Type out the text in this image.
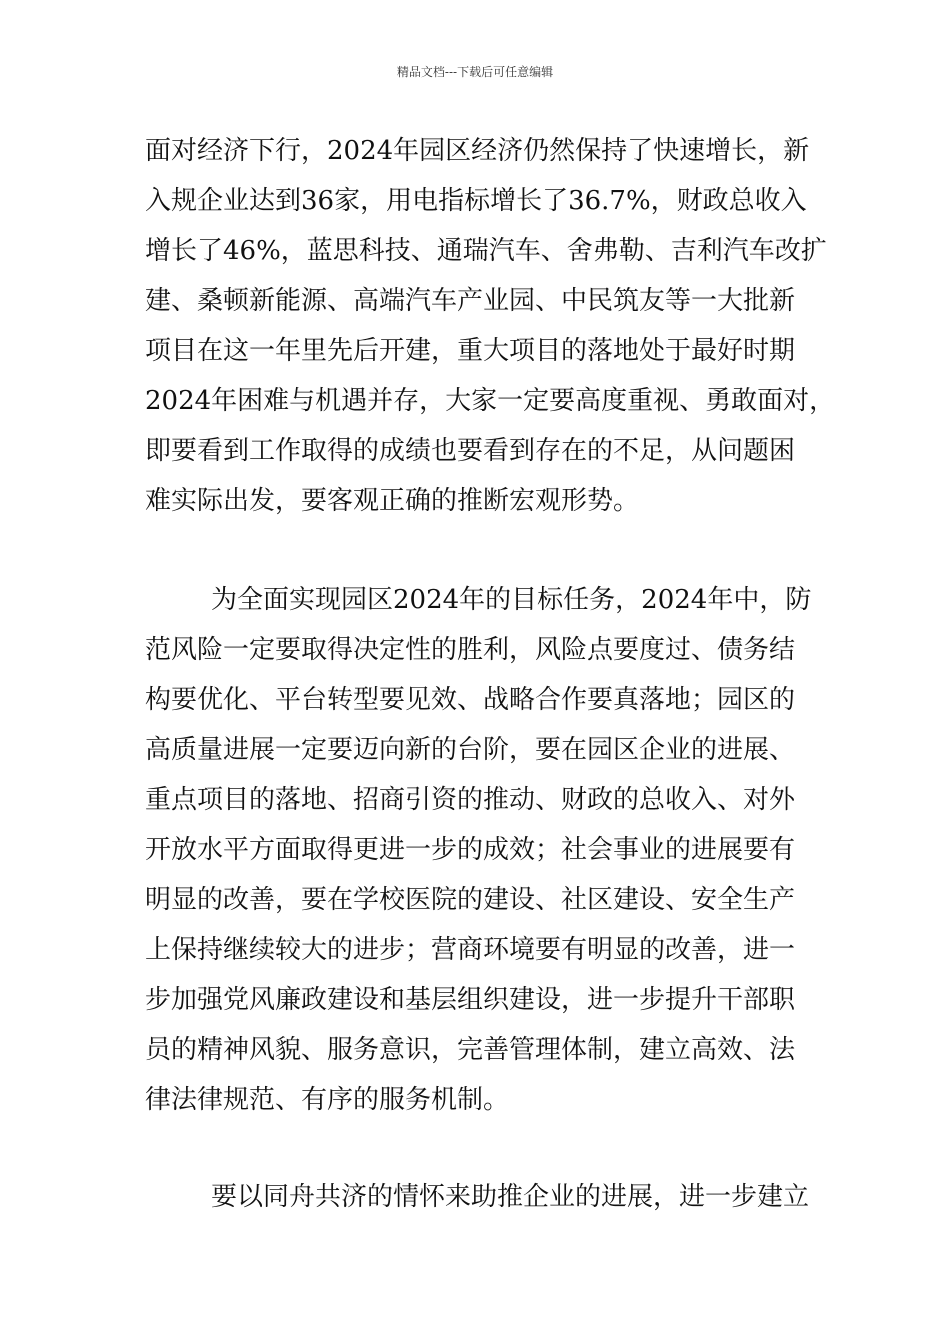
精品文档---下载后可任意编辑
面对经济下行，2024年园区经济仍然保持了快速增长，新
入规企业达到36家，用电指标增长了36.7%，财政总收入
增长了46%，蓝思科技、通瑞汽车、舍弗勒、吉利汽车改扩
建、桑顿新能源、高端汽车产业园、中民筑友等一大批新
项目在这一年里先后开建，重大项目的落地处于最好时期
2024年困难与机遇并存，大家一定要高度重视、勇敢面对，
即要看到工作取得的成绩也要看到存在的不足，从问题困
难实际出发，要客观正确的推断宏观形势。
为全面实现园区2024年的目标任务，2024年中，防
范风险一定要取得决定性的胜利，风险点要度过、债务结
构要优化、平台转型要见效、战略合作要真落地；园区的
高质量进展一定要迈向新的台阶，要在园区企业的进展、
重点项目的落地、招商引资的推动、财政的总收入、对外
开放水平方面取得更进一步的成效；社会事业的进展要有
明显的改善，要在学校医院的建设、社区建设、安全生产
上保持继续较大的进步；营商环境要有明显的改善，进一
步加强党风廉政建设和基层组织建设，进一步提升干部职
员的精神风貌、服务意识，完善管理体制，建立高效、法
律法律规范、有序的服务机制。
要以同舟共济的情怀来助推企业的进展，进一步建立
